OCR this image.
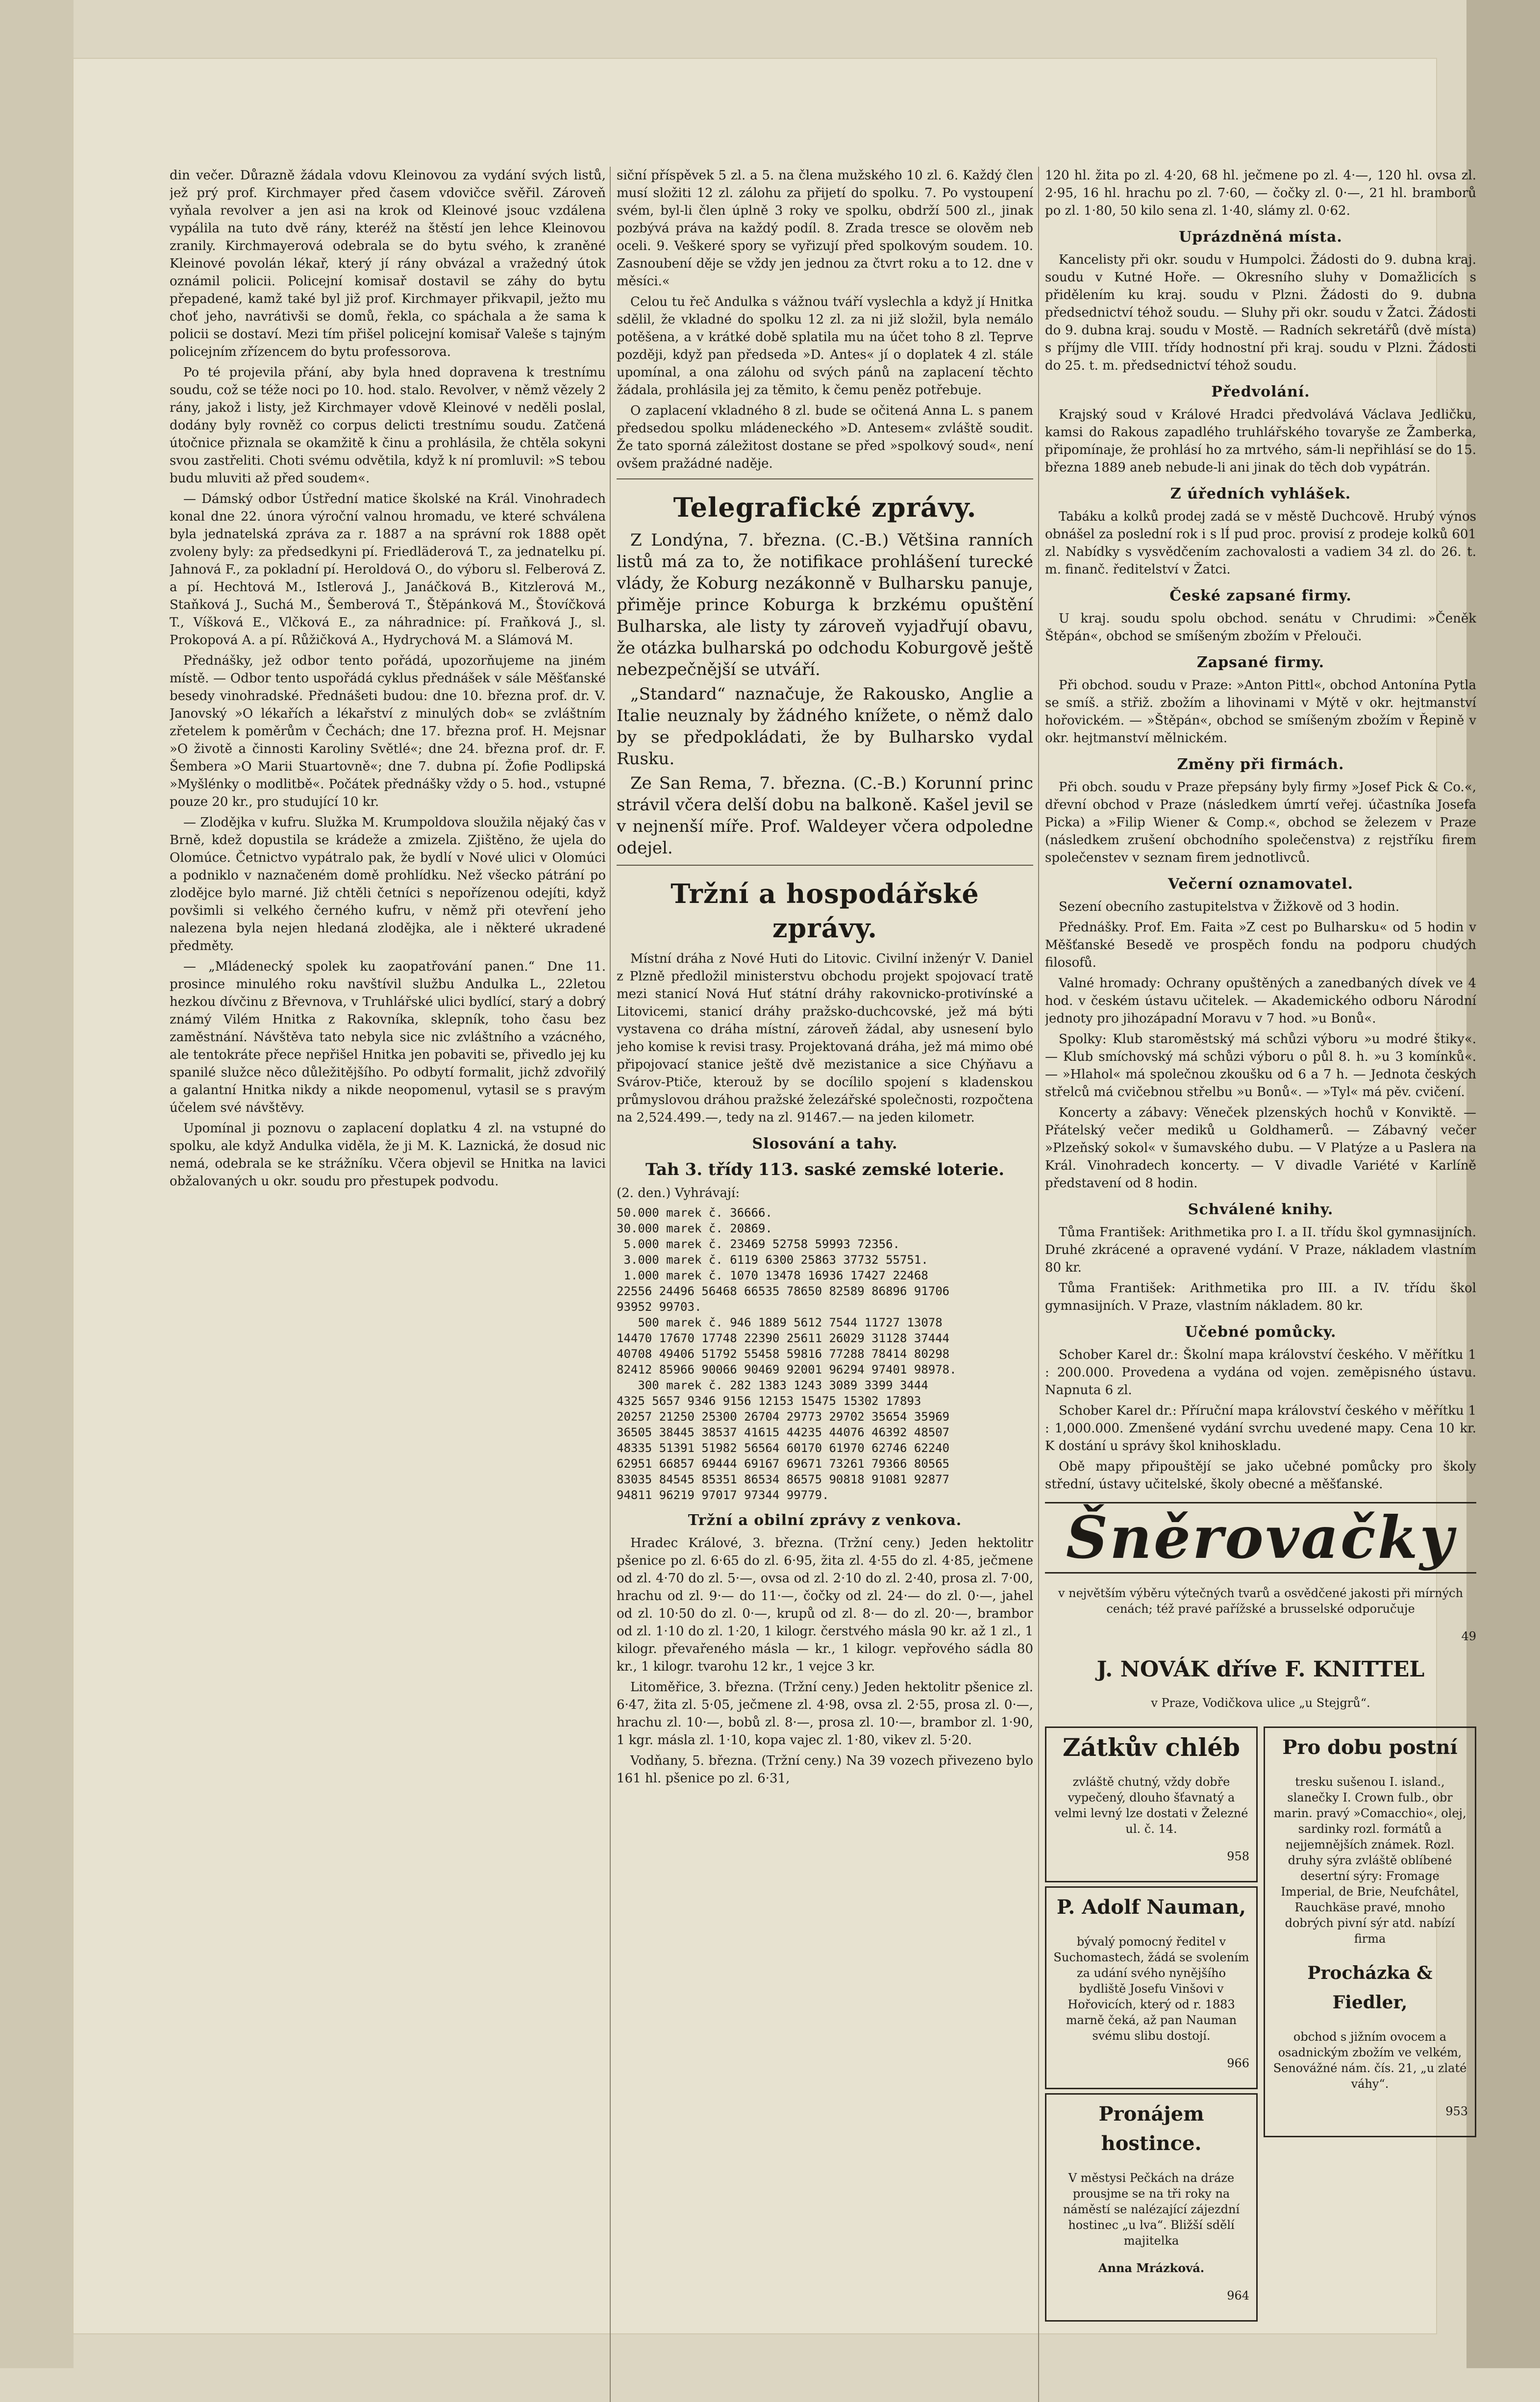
din večer. Důrazně žádala vdovu Kleinovou za vydání svých listů, jež prý prof. Kirchmayer před časem vdovičce svěřil. Zároveň vyňala revolver a jen asi na krok od Kleinové jsouc vzdálena vypálila na tuto dvě rány, kteréž na štěstí jen lehce Kleinovou zranily. Kirchmayerová odebrala se do bytu svého, k zraněné Kleinové povolán lékař, který jí rány obvázal a vražedný útok oznámil policii. Policejní komisař dostavil se záhy do bytu přepadené, kamž také byl již prof. Kirchmayer přikvapil, ježto mu choť jeho, navrátivši se domů, řekla, co spáchala a že sama k policii se dostaví. Mezi tím přišel policejní komisař Valeše s tajným policejním zřízencem do bytu professorova.

Po té projevila přání, aby byla hned dopravena k trestnímu soudu, což se téže noci po 10. hod. stalo. Revolver, v němž vězely 2 rány, jakož i listy, jež Kirchmayer vdově Kleinové v neděli poslal, dodány byly rovněž co corpus delicti trestnímu soudu. Zatčená útočnice přiznala se okamžitě k činu a prohlásila, že chtěla sokyni svou zastřeliti. Choti svému odvětila, když k ní promluvil: »S tebou budu mluviti až před soudem«.

— Dámský odbor Ústřední matice školské na Král. Vinohradech konal dne 22. února výroční valnou hromadu, ve které schválena byla jednatelská zpráva za r. 1887 a na správní rok 1888 opět zvoleny byly: za předsedkyni pí. Friedläderová T., za jednatelku pí. Jahnová F., za pokladní pí. Heroldová O., do výboru sl. Felberová Z. a pí. Hechtová M., Istlerová J., Janáčková B., Kitzlerová M., Staňková J., Suchá M., Šemberová T., Štěpánková M., Štovíčková T., Víšková E., Vlčková E., za náhradnice: pí. Fraňková J., sl. Prokopová A. a pí. Růžičková A., Hydrychová M. a Slámová M.

Přednášky, jež odbor tento pořádá, upozorňujeme na jiném místě. — Odbor tento uspořádá cyklus přednášek v sále Měšťanské besedy vinohradské. Přednášeti budou: dne 10. března prof. dr. V. Janovský »O lékařích a lékařství z minulých dob« se zvláštním zřetelem k poměrům v Čechách; dne 17. března prof. H. Mejsnar »O životě a činnosti Karoliny Světlé«; dne 24. března prof. dr. F. Šembera »O Marii Stuartovně«; dne 7. dubna pí. Žofie Podlipská »Myšlénky o modlitbě«. Počátek přednášky vždy o 5. hod., vstupné pouze 20 kr., pro studující 10 kr.

— Zlodějka v kufru. Služka M. Krumpoldova sloužila nějaký čas v Brně, kdež dopustila se krádeže a zmizela. Zjištěno, že ujela do Olomúce. Četnictvo vypátralo pak, že bydlí v Nové ulici v Olomúci a podniklo v naznačeném domě prohlídku. Než všecko pátrání po zlodějce bylo marné. Již chtěli četníci s nepořízenou odejíti, když povšimli si velkého černého kufru, v němž při otevření jeho nalezena byla nejen hledaná zlodějka, ale i některé ukradené předměty.

— „Mládenecký spolek ku zaopatřování panen.“ Dne 11. prosince minulého roku navštívil službu Andulka L., 22letou hezkou dívčinu z Břevnova, v Truhlářské ulici bydlící, starý a dobrý známý Vilém Hnitka z Rakovníka, sklepník, toho času bez zaměstnání. Návštěva tato nebyla sice nic zvláštního a vzácného, ale tentokráte přece nepřišel Hnitka jen pobaviti se, přivedlo jej ku spanilé služce něco důležitějšího. Po odbytí formalit, jichž zdvořilý a galantní Hnitka nikdy a nikde neopomenul, vytasil se s pravým účelem své návštěvy.

Upomínal ji poznovu o zaplacení doplatku 4 zl. na vstupné do spolku, ale když Andulka viděla, že ji M. K. Laznická, že dosud nic nemá, odebrala se ke strážníku. Včera objevil se Hnitka na lavici obžalovaných u okr. soudu pro přestupek podvodu.

siční příspěvek 5 zl. a 5. na člena mužského 10 zl. 6. Každý člen musí složiti 12 zl. zálohu za přijetí do spolku. 7. Po vystoupení svém, byl-li člen úplně 3 roky ve spolku, obdrží 500 zl., jinak pozbývá práva na každý podíl. 8. Zrada tresce se olověm neb oceli. 9. Veškeré spory se vyřizují před spolkovým soudem. 10. Zasnoubení děje se vždy jen jednou za čtvrt roku a to 12. dne v měsíci.«

Celou tu řeč Andulka s vážnou tváří vyslechla a když jí Hnitka sdělil, že vkladné do spolku 12 zl. za ni již složil, byla nemálo potěšena, a v krátké době splatila mu na účet toho 8 zl. Teprve později, když pan předseda »D. Antes« jí o doplatek 4 zl. stále upomínal, a ona zálohu od svých pánů na zaplacení těchto žádala, prohlásila jej za těmito, k čemu peněz potřebuje.

O zaplacení vkladného 8 zl. bude se očitená Anna L. s panem předsedou spolku mládeneckého »D. Antesem« zvláště soudit. Že tato sporná záležitost dostane se před »spolkový soud«, není ovšem pražádné naděje.

Telegrafické zprávy.

Z Londýna, 7. března. (C.-B.) Většina ranních listů má za to, že notifikace prohlášení turecké vlády, že Koburg nezákonně v Bulharsku panuje, přiměje prince Koburga k brzkému opuštění Bulharska, ale listy ty zároveň vyjadřují obavu, že otázka bulharská po odchodu Koburgově ještě nebezpečnější se utváří.

„Standard“ naznačuje, že Rakousko, Anglie a Italie neuznaly by žádného knížete, o němž dalo by se předpokládati, že by Bulharsko vydal Rusku.

Ze San Rema, 7. března. (C.-B.) Korunní princ strávil včera delší dobu na balkoně. Kašel jevil se v nejnenší míře. Prof. Waldeyer včera odpoledne odejel.

Tržní a hospodářské zprávy.

Místní dráha z Nové Huti do Litovic. Civilní inženýr V. Daniel z Plzně předložil ministerstvu obchodu projekt spojovací tratě mezi stanicí Nová Huť státní dráhy rakovnicko-protivínské a Litovicemi, stanicí dráhy pražsko-duchcovské, jež má býti vystavena co dráha místní, zároveň žádal, aby usnesení bylo jeho komise k revisi trasy. Projektovaná dráha, jež má mimo obé připojovací stanice ještě dvě mezistanice a sice Chýňavu a Svárov-Ptiče, kterouž by se docílilo spojení s kladenskou průmyslovou dráhou pražské železářské společnosti, rozpočtena na 2,524.499.—, tedy na zl. 91467.— na jeden kilometr.

Slosování a tahy.
Tah 3. třídy 113. saské zemské loterie.

(2. den.) Vyhrávají:

50.000 marek č. 36666.

30.000 marek č. 20869.

5.000 marek č. 23469 52758 59993 72356.

3.000 marek č. 6119 6300 25863 37732 55751.

1.000 marek č. 1070 13478 16936 17427 22468

22556 24496 56468 66535 78650 82589 86896 91706

93952 99703.

500 marek č. 946 1889 5612 7544 11727 13078

14470 17670 17748 22390 25611 26029 31128 37444

40708 49406 51792 55458 59816 77288 78414 80298

82412 85966 90066 90469 92001 96294 97401 98978.

300 marek č. 282 1383 1243 3089 3399 3444

4325 5657 9346 9156 12153 15475 15302 17893

20257 21250 25300 26704 29773 29702 35654 35969

36505 38445 38537 41615 44235 44076 46392 48507

48335 51391 51982 56564 60170 61970 62746 62240

62951 66857 69444 69167 69671 73261 79366 80565

83035 84545 85351 86534 86575 90818 91081 92877

94811 96219 97017 97344 99779.

Tržní a obilní zprávy z venkova.

Hradec Králové, 3. března. (Tržní ceny.) Jeden hektolitr pšenice po zl. 6·65 do zl. 6·95, žita zl. 4·55 do zl. 4·85, ječmene od zl. 4·70 do zl. 5·—, ovsa od zl. 2·10 do zl. 2·40, prosa zl. 7·00, hrachu od zl. 9·— do 11·—, čočky od zl. 24·— do zl. 0·—, jahel od zl. 10·50 do zl. 0·—, krupů od zl. 8·— do zl. 20·—, brambor od zl. 1·10 do zl. 1·20, 1 kilogr. čerstvého másla 90 kr. až 1 zl., 1 kilogr. převařeného másla — kr., 1 kilogr. vepřového sádla 80 kr., 1 kilogr. tvarohu 12 kr., 1 vejce 3 kr.

Litoměřice, 3. března. (Tržní ceny.) Jeden hektolitr pšenice zl. 6·47, žita zl. 5·05, ječmene zl. 4·98, ovsa zl. 2·55, prosa zl. 0·—, hrachu zl. 10·—, bobů zl. 8·—, prosa zl. 10·—, brambor zl. 1·90, 1 kgr. másla zl. 1·10, kopa vajec zl. 1·80, vikev zl. 5·20.

Vodňany, 5. března. (Tržní ceny.) Na 39 vozech přivezeno bylo 161 hl. pšenice po zl. 6·31,

120 hl. žita po zl. 4·20, 68 hl. ječmene po zl. 4·—, 120 hl. ovsa zl. 2·95, 16 hl. hrachu po zl. 7·60, — čočky zl. 0·—, 21 hl. bramborů po zl. 1·80, 50 kilo sena zl. 1·40, slámy zl. 0·62.

Uprázdněná místa.

Kancelisty při okr. soudu v Humpolci. Žádosti do 9. dubna kraj. soudu v Kutné Hoře. — Okresního sluhy v Domažlicích s přidělením ku kraj. soudu v Plzni. Žádosti do 9. dubna předsednictví téhož soudu. — Sluhy při okr. soudu v Žatci. Žádosti do 9. dubna kraj. soudu v Mostě. — Radních sekretářů (dvě místa) s příjmy dle VIII. třídy hodnostní při kraj. soudu v Plzni. Žádosti do 25. t. m. předsednictví téhož soudu.

Předvolání.

Krajský soud v Králové Hradci předvolává Václava Jedličku, kamsi do Rakous zapadlého truhlářského tovaryše ze Žamberka, připomínaje, že prohlásí ho za mrtvého, sám-li nepřihlásí se do 15. března 1889 aneb nebude-li ani jinak do těch dob vypátrán.

Z úředních vyhlášek.

Tabáku a kolků prodej zadá se v městě Duchcově. Hrubý výnos obnášel za poslední rok i s lÍ pud proc. provisí z prodeje kolků 601 zl. Nabídky s vysvědčením zachovalosti a vadiem 34 zl. do 26. t. m. finanč. ředitelství v Žatci.

České zapsané firmy.

U kraj. soudu spolu obchod. senátu v Chrudimi: »Čeněk Štěpán«, obchod se smíšeným zbožím v Přelouči.

Zapsané firmy.

Při obchod. soudu v Praze: »Anton Pittl«, obchod Antonína Pytla se smíš. a střiž. zbožím a lihovinami v Mýtě v okr. hejtmanství hořovickém. — »Štěpán«, obchod se smíšeným zbožím v Řepině v okr. hejtmanství mělnickém.

Změny při firmách.

Při obch. soudu v Praze přepsány byly firmy »Josef Pick & Co.«, dřevní obchod v Praze (následkem úmrtí veřej. účastníka Josefa Picka) a »Filip Wiener & Comp.«, obchod se železem v Praze (následkem zrušení obchodního společenstva) z rejstříku firem společenstev v seznam firem jednotlivců.

Večerní oznamovatel.

Sezení obecního zastupitelstva v Žižkově od 3 hodin.

Přednášky. Prof. Em. Faita »Z cest po Bulharsku« od 5 hodin v Měšťanské Besedě ve prospěch fondu na podporu chudých filosofů.

Valné hromady: Ochrany opuštěných a zanedbaných dívek ve 4 hod. v českém ústavu učitelek. — Akademického odboru Národní jednoty pro jihozápadní Moravu v 7 hod. »u Bonů«.

Spolky: Klub staroměstský má schůzi výboru »u modré štiky«. — Klub smíchovský má schůzi výboru o půl 8. h. »u 3 komínků«. — »Hlahol« má společnou zkoušku od 6 a 7 h. — Jednota českých střelců má cvičebnou střelbu »u Bonů«. — »Tyl« má pěv. cvičení.

Koncerty a zábavy: Věneček plzenských hochů v Konviktě. — Přátelský večer mediků u Goldhamerů. — Zábavný večer »Plzeňský sokol« v šumavského dubu. — V Platýze a u Paslera na Král. Vinohradech koncerty. — V divadle Variété v Karlíně představení od 8 hodin.

Schválené knihy.

Tůma František: Arithmetika pro I. a II. třídu škol gymnasijních. Druhé zkrácené a opravené vydání. V Praze, nákladem vlastním 80 kr.

Tůma František: Arithmetika pro III. a IV. třídu škol gymnasijních. V Praze, vlastním nákladem. 80 kr.

Učebné pomůcky.

Schober Karel dr.: Školní mapa království českého. V měřítku 1 : 200.000. Provedena a vydána od vojen. zeměpisného ústavu. Napnuta 6 zl.

Schober Karel dr.: Příruční mapa království českého v měřítku 1 : 1,000.000. Zmenšené vydání svrchu uvedené mapy. Cena 10 kr. K dostání u správy škol knihoskladu.

Obě mapy připouštějí se jako učebné pomůcky pro školy střední, ústavy učitelské, školy obecné a měšťanské.

Šněrovačky

v největším výběru výtečných tvarů a osvědčené jakosti při mírných cenách; též pravé pařížské a brusselské odporučuje

49

J. NOVÁK dříve F. KNITTEL

v Praze, Vodičkova ulice „u Stejgrů“.

Zátkův chléb

zvláště chutný, vždy dobře vypečený, dlouho šťavnatý a velmi levný lze dostati v Železné ul. č. 14.

958

P. Adolf Nauman,

bývalý pomocný ředitel v Suchomastech, žádá se svolením za udání svého nynějšího bydliště Josefu Vinšovi v Hořovicích, který od r. 1883 marně čeká, až pan Nauman svému slibu dostojí.

966

Pronájem hostince.

V městysi Pečkách na dráze prousjme se na tři roky na náměstí se nalézající zájezdní hostinec „u lva“. Bližší sdělí majitelka

Anna Mrázková.

964

Pro dobu postní

tresku sušenou I. island., slanečky I. Crown fulb., obr marin. pravý »Comacchio«, olej, sardinky rozl. formátů a nejjemnějších známek. Rozl. druhy sýra zvláště oblíbené desertní sýry: Fromage Imperial, de Brie, Neufchâtel, Rauchkäse pravé, mnoho dobrých pivní sýr atd. nabízí firma

Procházka & Fiedler,

obchod s jižním ovocem a osadnickým zbožím ve velkém, Senovážné nám. čís. 21, „u zlaté váhy“.

953
